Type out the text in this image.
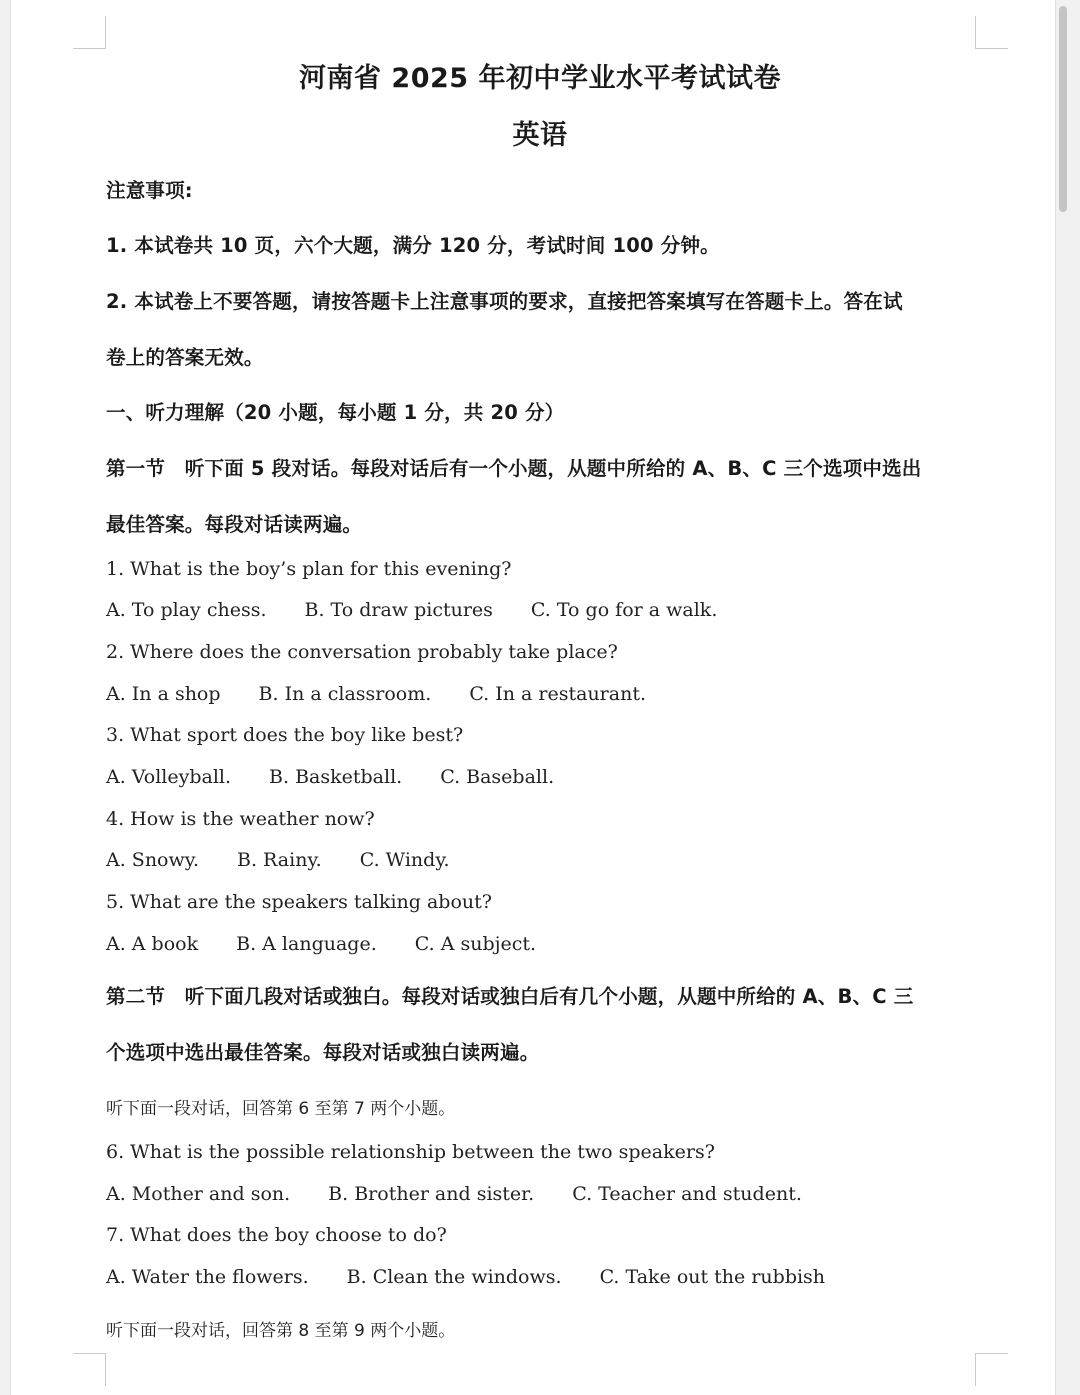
河南省 2025 年初中学业水平考试试卷
英语
注意事项:
1. 本试卷共 10 页，六个大题，满分 120 分，考试时间 100 分钟。
2. 本试卷上不要答题，请按答题卡上注意事项的要求，直接把答案填写在答题卡上。答在试
卷上的答案无效。
一、听力理解（20 小题，每小题 1 分，共 20 分）
第一节　听下面 5 段对话。每段对话后有一个小题，从题中所给的 A、B、C 三个选项中选出
最佳答案。每段对话读两遍。
1. What is the boy’s plan for this evening?
A. To play chess. B. To draw pictures C. To go for a walk.
2. Where does the conversation probably take place?
A. In a shop B. In a classroom. C. In a restaurant.
3. What sport does the boy like best?
A. Volleyball. B. Basketball. C. Baseball.
4. How is the weather now?
A. Snowy. B. Rainy. C. Windy.
5. What are the speakers talking about?
A. A book B. A language. C. A subject.
第二节　听下面几段对话或独白。每段对话或独白后有几个小题，从题中所给的 A、B、C 三
个选项中选出最佳答案。每段对话或独白读两遍。
听下面一段对话，回答第 6 至第 7 两个小题。
6. What is the possible relationship between the two speakers?
A. Mother and son. B. Brother and sister. C. Teacher and student.
7. What does the boy choose to do?
A. Water the flowers. B. Clean the windows. C. Take out the rubbish
听下面一段对话，回答第 8 至第 9 两个小题。
